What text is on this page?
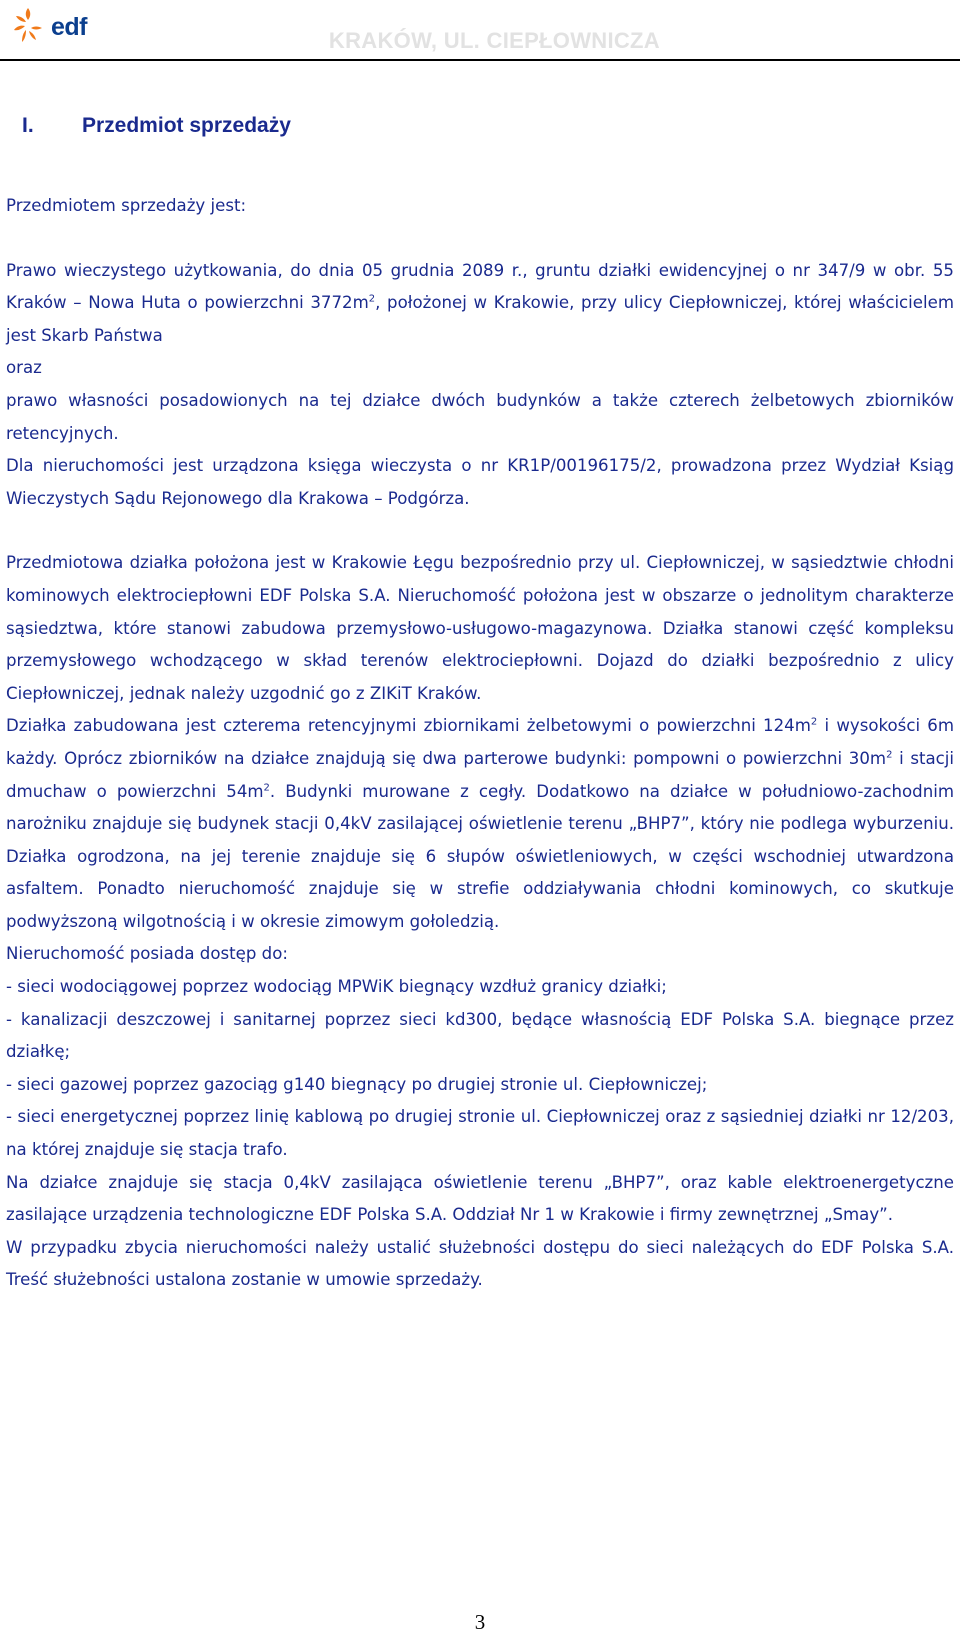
edf	KRAKÓW, UL. CIEPŁOWNICZA
I. Przedmiot sprzedaży
Przedmiotem sprzedaży jest:
Prawo wieczystego użytkowania, do dnia 05 grudnia 2089 r., gruntu działki ewidencyjnej o nr 347/9 w obr. 55 Kraków – Nowa Huta o powierzchni $3772m^2$, położonej w Krakowie, przy ulicy Ciepłowniczej, której właścicielem jest Skarb Państwa
oraz
prawo własności posadowionych na tej działce dwóch budynków a także czterech żelbetowych zbiorników retencyjnych.
Dla nieruchomości jest urządzona księga wieczysta o nr KR1P/00196175/2, prowadzona przez Wydział Ksiąg Wieczystych Sądu Rejonowego dla Krakowa – Podgórza.
Przedmiotowa działka położona jest w Krakowie Łęgu bezpośrednio przy ul. Ciepłowniczej, w sąsiedztwie chłodni kominowych elektrociepłowni EDF Polska S.A. Nieruchomość położona jest w obszarze o jednolitym charakterze sąsiedztwa, które stanowi zabudowa przemysłowo-usługowo-magazynowa. Działka stanowi część kompleksu przemysłowego wchodzącego w skład terenów elektrociepłowni. Dojazd do działki bezpośrednio z ulicy Ciepłowniczej, jednak należy uzgodnić go z ZIKiT Kraków.
Działka zabudowana jest czterema retencyjnymi zbiornikami żelbetowymi o powierzchni $124m^2$ i wysokości 6m każdy. Oprócz zbiorników na działce znajdują się dwa parterowe budynki: pompowni o powierzchni $30m^2$ i stacji dmuchaw o powierzchni $54m^2$. Budynki murowane z cegły. Dodatkowo na działce w południowo-zachodnim narożniku znajduje się budynek stacji 0,4kV zasilającej oświetlenie terenu „BHP7”, który nie podlega wyburzeniu. Działka ogrodzona, na jej terenie znajduje się 6 słupów oświetleniowych, w części wschodniej utwardzona asfaltem. Ponadto nieruchomość znajduje się w strefie oddziaływania chłodni kominowych, co skutkuje podwyższoną wilgotnością i w okresie zimowym gołoledzią.
Nieruchomość posiada dostęp do:
- sieci wodociągowej poprzez wodociąg MPWiK biegnący wzdłuż granicy działki;
- kanalizacji deszczowej i sanitarnej poprzez sieci kd300, będące własnością EDF Polska S.A. biegnące przez działkę;
- sieci gazowej poprzez gazociąg g140 biegnący po drugiej stronie ul. Ciepłowniczej;
- sieci energetycznej poprzez linię kablową po drugiej stronie ul. Ciepłowniczej oraz z sąsiedniej działki nr 12/203, na której znajduje się stacja trafo.
Na działce znajduje się stacja 0,4kV zasilająca oświetlenie terenu „BHP7”, oraz kable elektroenergetyczne zasilające urządzenia technologiczne EDF Polska S.A. Oddział Nr 1 w Krakowie i firmy zewnętrznej „Smay”.
W przypadku zbycia nieruchomości należy ustalić służebności dostępu do sieci należących do EDF Polska S.A. Treść służebności ustalona zostanie w umowie sprzedaży.
3
